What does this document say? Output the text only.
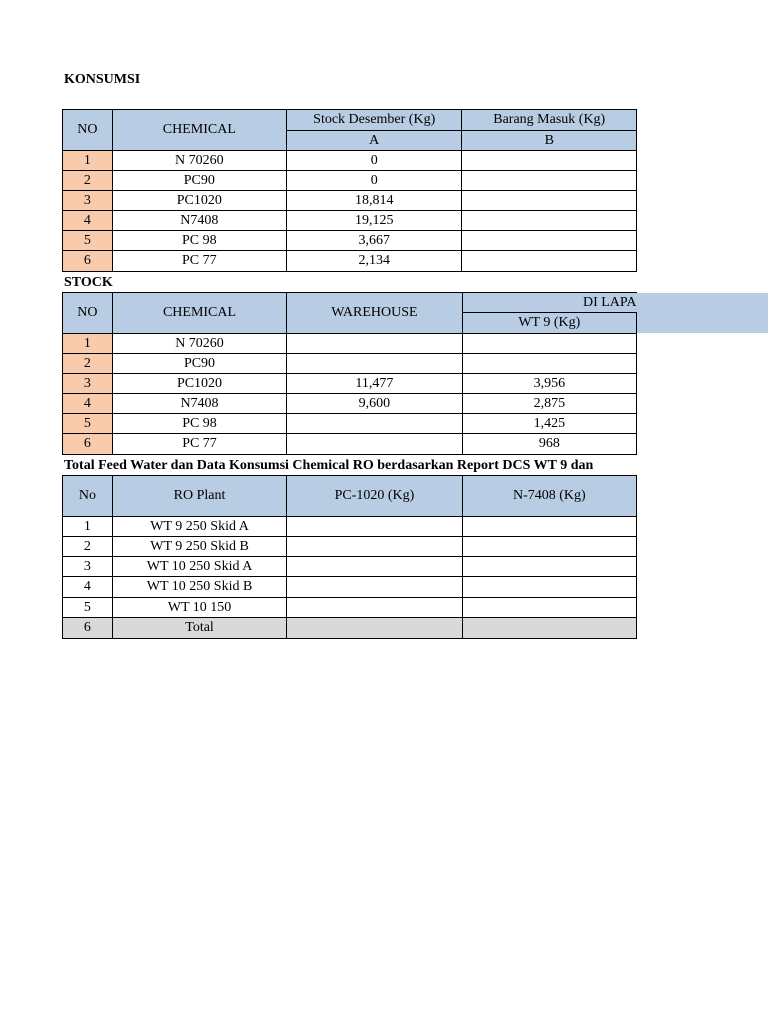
KONSUMSI
NO	CHEMICAL	Stock Desember (Kg)	Barang Masuk (Kg)
		A	B
1	N 70260	0	
2	PC90	0	
3	PC1020	18,814	
4	N7408	19,125	
5	PC 98	3,667	
6	PC 77	2,134	
STOCK
NO	CHEMICAL	WAREHOUSE	DI LAPA
			WT 9 (Kg)
1	N 70260		
2	PC90		
3	PC1020	11,477	3,956
4	N7408	9,600	2,875
5	PC 98		1,425
6	PC 77		968
Total Feed Water dan Data Konsumsi Chemical RO berdasarkan Report DCS WT 9 dan
No	RO Plant	PC-1020 (Kg)	N-7408 (Kg)
1	WT 9 250 Skid A		
2	WT 9 250 Skid B		
3	WT 10 250 Skid A		
4	WT 10 250 Skid B		
5	WT 10 150		
6	Total		
